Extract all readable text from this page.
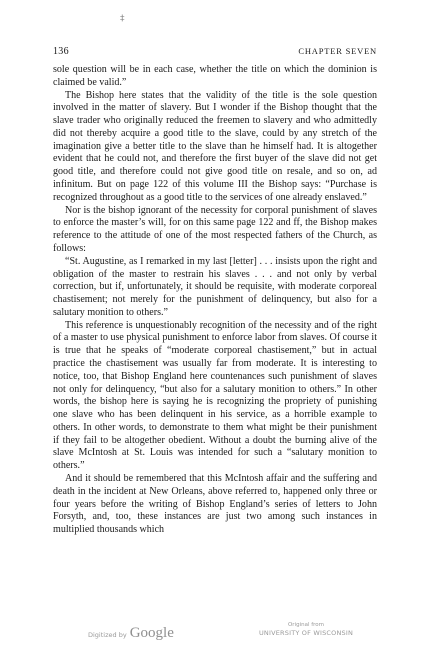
‡
136	CHAPTER SEVEN

sole question will be in each case, whether the title on which the dominion is claimed be valid.”

The Bishop here states that the validity of the title is the sole question involved in the matter of slavery. But I wonder if the Bishop thought that the slave trader who originally reduced the freemen to slavery and who admittedly did not thereby acquire a good title to the slave, could by any stretch of the imagination give a better title to the slave than he himself had. It is altogether evident that he could not, and therefore the first buyer of the slave did not get good title, and therefore could not give good title on resale, and so on, ad infinitum. But on page 122 of this volume III the Bishop says: “Purchase is recognized throughout as a good title to the services of one already enslaved.”

Nor is the bishop ignorant of the necessity for corporal punishment of slaves to enforce the master’s will, for on this same page 122 and ff, the Bishop makes reference to the attitude of one of the most respected fathers of the Church, as follows:

“St. Augustine, as I remarked in my last [letter] . . . insists upon the right and obligation of the master to restrain his slaves . . . and not only by verbal correction, but if, unfortunately, it should be requisite, with moderate corporeal chastisement; not merely for the punishment of delinquency, but also for a salutary monition to others.”

This reference is unquestionably recognition of the necessity and of the right of a master to use physical punishment to enforce labor from slaves. Of course it is true that he speaks of “moderate corporeal chastisement,” but in actual practice the chastisement was usually far from moderate. It is interesting to notice, too, that Bishop England here countenances such punishment of slaves not only for delinquency, “but also for a salutary monition to others.” In other words, the bishop here is saying he is recognizing the propriety of punishing one slave who has been delinquent in his service, as a horrible example to others. In other words, to demonstrate to them what might be their punishment if they fail to be altogether obedient. Without a doubt the burning alive of the slave McIntosh at St. Louis was intended for such a “salutary monition to others.”

And it should be remembered that this McIntosh affair and the suffering and death in the incident at New Orleans, above referred to, happened only three or four years before the writing of Bishop England’s series of letters to John Forsyth, and, too, these instances are just two among such instances in multiplied thousands which

Digitized by Google	Original from
UNIVERSITY OF WISCONSIN
